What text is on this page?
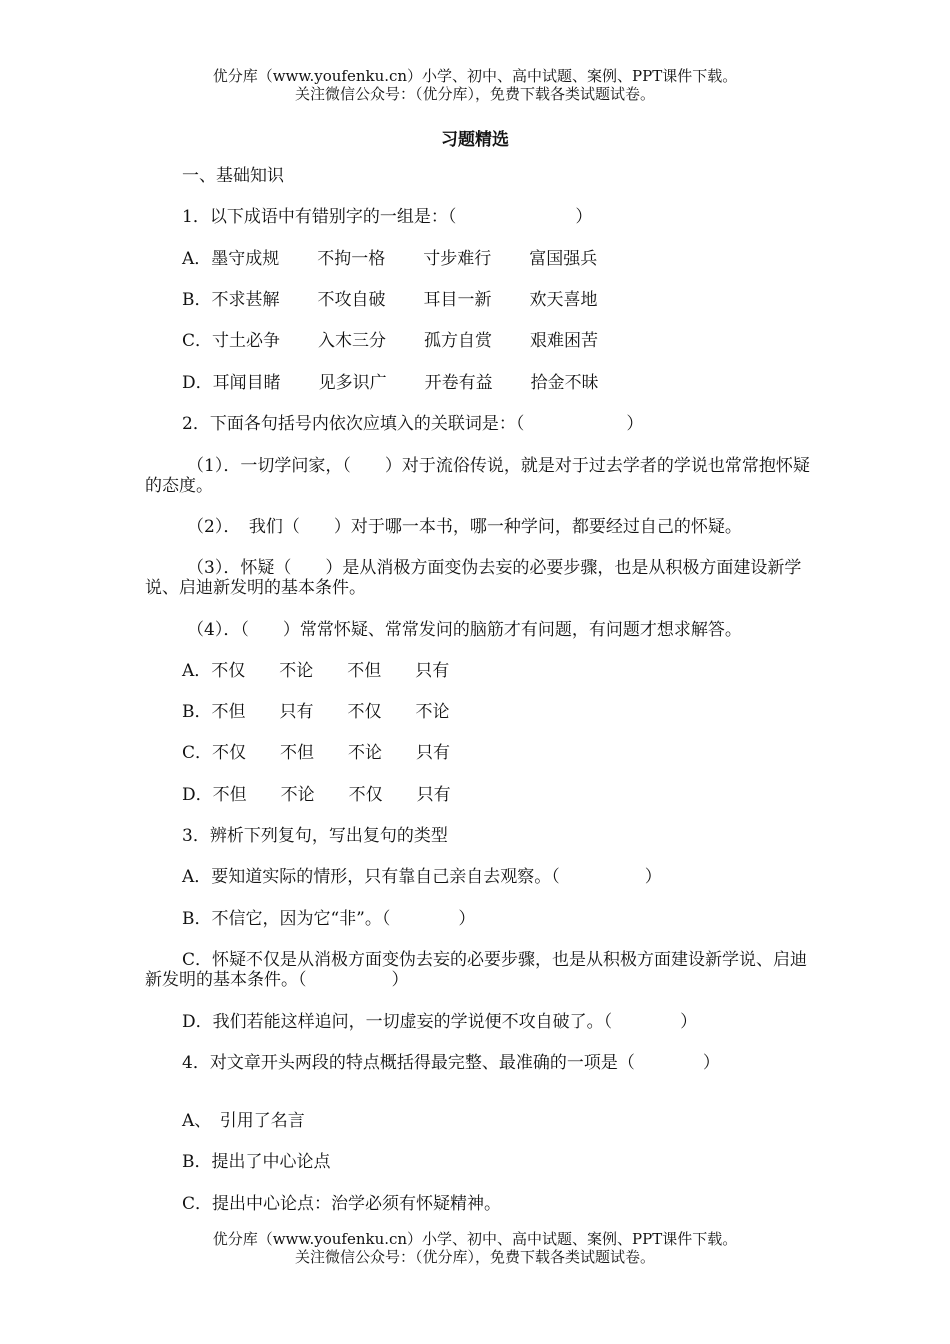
优分库（www.youfenku.cn）小学、初中、高中试题、案例、PPT课件下载。
关注微信公众号：（优分库），免费下载各类试题试卷。
习题精选
一、基础知识
1．以下成语中有错别字的一组是：（　　　　　　　）
A．墨守成规 不拘一格 寸步难行 富国强兵
B．不求甚解 不攻自破 耳目一新 欢天喜地
C．寸土必争 入木三分 孤方自赏 艰难困苦
D．耳闻目睹 见多识广 开卷有益 拾金不昧
2．下面各句括号内依次应填入的关联词是：（　　　　　　）
（1）．一切学问家，（　　）对于流俗传说，就是对于过去学者的学说也常常抱怀疑的态度。
（2）．　我们（　　）对于哪一本书，哪一种学问，都要经过自己的怀疑。
（3）．怀疑（　　）是从消极方面变伪去妄的必要步骤，也是从积极方面建设新学说、启迪新发明的基本条件。
（4）．（　　）常常怀疑、常常发问的脑筋才有问题，有问题才想求解答。
A．不仅 不论 不但 只有
B．不但 只有 不仅 不论
C．不仅 不但 不论 只有
D．不但 不论 不仅 只有
3．辨析下列复句，写出复句的类型
A．要知道实际的情形，只有靠自己亲自去观察。（　　　　　）
B．不信它，因为它“非”。（　　　　）
C．怀疑不仅是从消极方面变伪去妄的必要步骤，也是从积极方面建设新学说、启迪新发明的基本条件。（　　　　　）
D．我们若能这样追问，一切虚妄的学说便不攻自破了。（　　　　）
4．对文章开头两段的特点概括得最完整、最准确的一项是（　　　　）
A、　引用了名言
B．提出了中心论点
C．提出中心论点：治学必须有怀疑精神。
优分库（www.youfenku.cn）小学、初中、高中试题、案例、PPT课件下载。
关注微信公众号：（优分库），免费下载各类试题试卷。
